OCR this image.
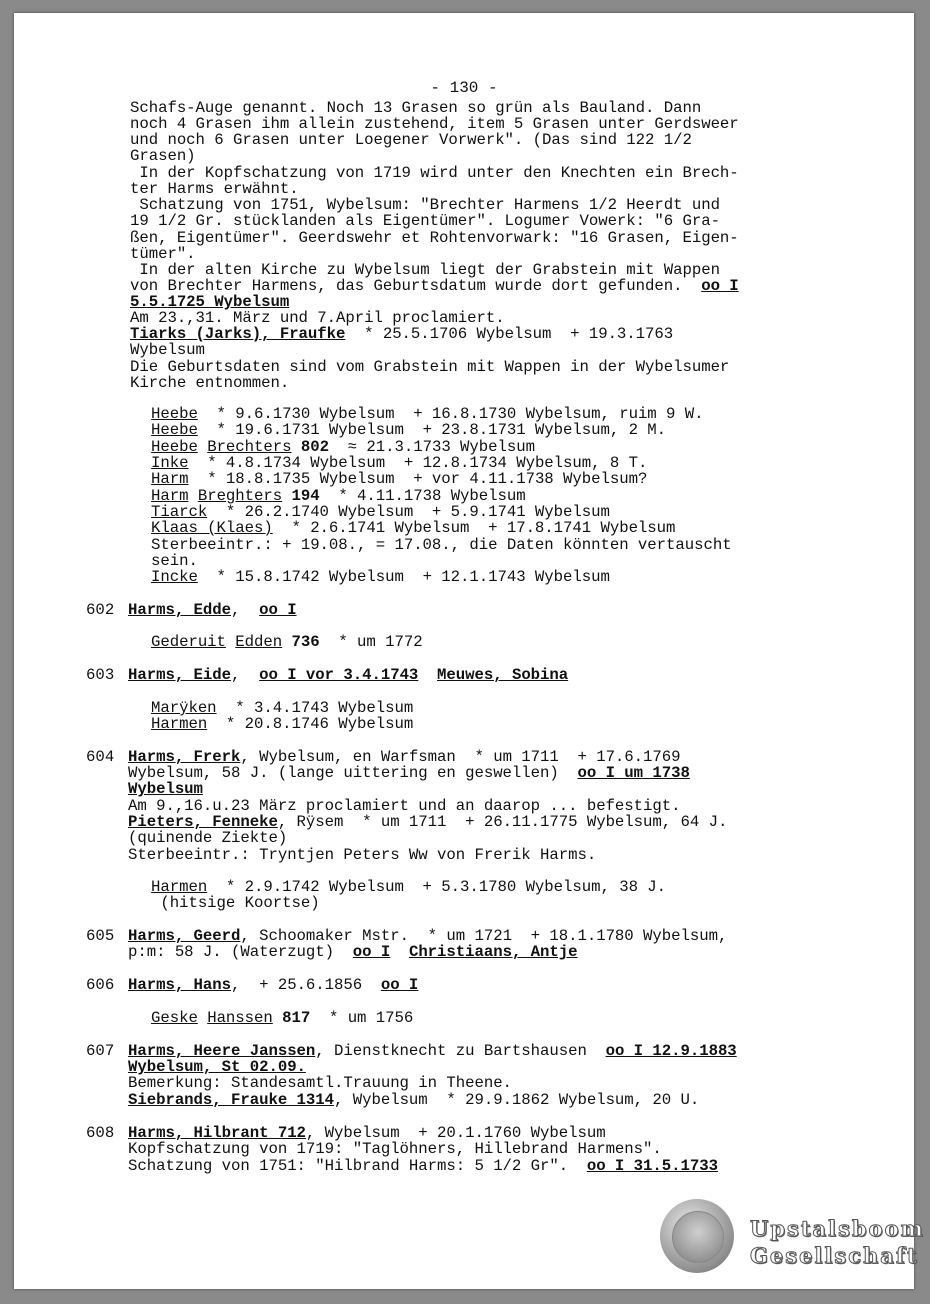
- 130 -
Schafs-Auge genannt. Noch 13 Grasen so grün als Bauland. Dann
noch 4 Grasen ihm allein zustehend, item 5 Grasen unter Gerdsweer
und noch 6 Grasen unter Loegener Vorwerk". (Das sind 122 1/2
Grasen)
In der Kopfschatzung von 1719 wird unter den Knechten ein Brech-
ter Harms erwähnt.
Schatzung von 1751, Wybelsum: "Brechter Harmens 1/2 Heerdt und
19 1/2 Gr. stücklanden als Eigentümer". Logumer Vowerk: "6 Gra-
ßen, Eigentümer". Geerdswehr et Rohtenvorwark: "16 Grasen, Eigen-
tümer".
In der alten Kirche zu Wybelsum liegt der Grabstein mit Wappen
von Brechter Harmens, das Geburtsdatum wurde dort gefunden.  oo I
5.5.1725 Wybelsum
Am 23.,31. März und 7.April proclamiert.
Tiarks (Jarks), Fraufke  * 25.5.1706 Wybelsum  + 19.3.1763
Wybelsum
Die Geburtsdaten sind vom Grabstein mit Wappen in der Wybelsumer
Kirche entnommen.
Heebe  * 9.6.1730 Wybelsum  + 16.8.1730 Wybelsum, ruim 9 W.
Heebe  * 19.6.1731 Wybelsum  + 23.8.1731 Wybelsum, 2 M.
Heebe Brechters 802  ≈ 21.3.1733 Wybelsum
Inke  * 4.8.1734 Wybelsum  + 12.8.1734 Wybelsum, 8 T.
Harm  * 18.8.1735 Wybelsum  + vor 4.11.1738 Wybelsum?
Harm Breghters 194  * 4.11.1738 Wybelsum
Tiarck  * 26.2.1740 Wybelsum  + 5.9.1741 Wybelsum
Klaas (Klaes)  * 2.6.1741 Wybelsum  + 17.8.1741 Wybelsum
Sterbeeintr.: + 19.08., = 17.08., die Daten könnten vertauscht
sein.
Incke  * 15.8.1742 Wybelsum  + 12.1.1743 Wybelsum
602 Harms, Edde,  oo I
Gederuit Edden 736  * um 1772
603 Harms, Eide,  oo I vor 3.4.1743 Meuwes, Sobina
Marÿken  * 3.4.1743 Wybelsum
Harmen  * 20.8.1746 Wybelsum
604 Harms, Frerk, Wybelsum, en Warfsman  * um 1711  + 17.6.1769
Wybelsum, 58 J. (lange uittering en geswellen)  oo I um 1738
Wybelsum
Am 9.,16.u.23 März proclamiert und an daarop ... befestigt.
Pieters, Fenneke, Rÿsem  * um 1711  + 26.11.1775 Wybelsum, 64 J.
(quinende Ziekte)
Sterbeeintr.: Tryntjen Peters Ww von Frerik Harms.
Harmen  * 2.9.1742 Wybelsum  + 5.3.1780 Wybelsum, 38 J.
(hitsige Koortse)
605 Harms, Geerd, Schoomaker Mstr.  * um 1721  + 18.1.1780 Wybelsum,
p:m: 58 J. (Waterzugt)  oo I Christiaans, Antje
606 Harms, Hans,  + 25.6.1856  oo I
Geske Hanssen 817  * um 1756
607 Harms, Heere Janssen, Dienstknecht zu Bartshausen  oo I 12.9.1883
Wybelsum, St 02.09.
Bemerkung: Standesamtl.Trauung in Theene.
Siebrands, Frauke 1314, Wybelsum  * 29.9.1862 Wybelsum, 20 U.
608 Harms, Hilbrant 712, Wybelsum  + 20.1.1760 Wybelsum
Kopfschatzung von 1719: "Taglöhners, Hillebrand Harmens".
Schatzung von 1751: "Hilbrand Harms: 5 1/2 Gr".  oo I 31.5.1733
Upstalsboom
Gesellschaft
